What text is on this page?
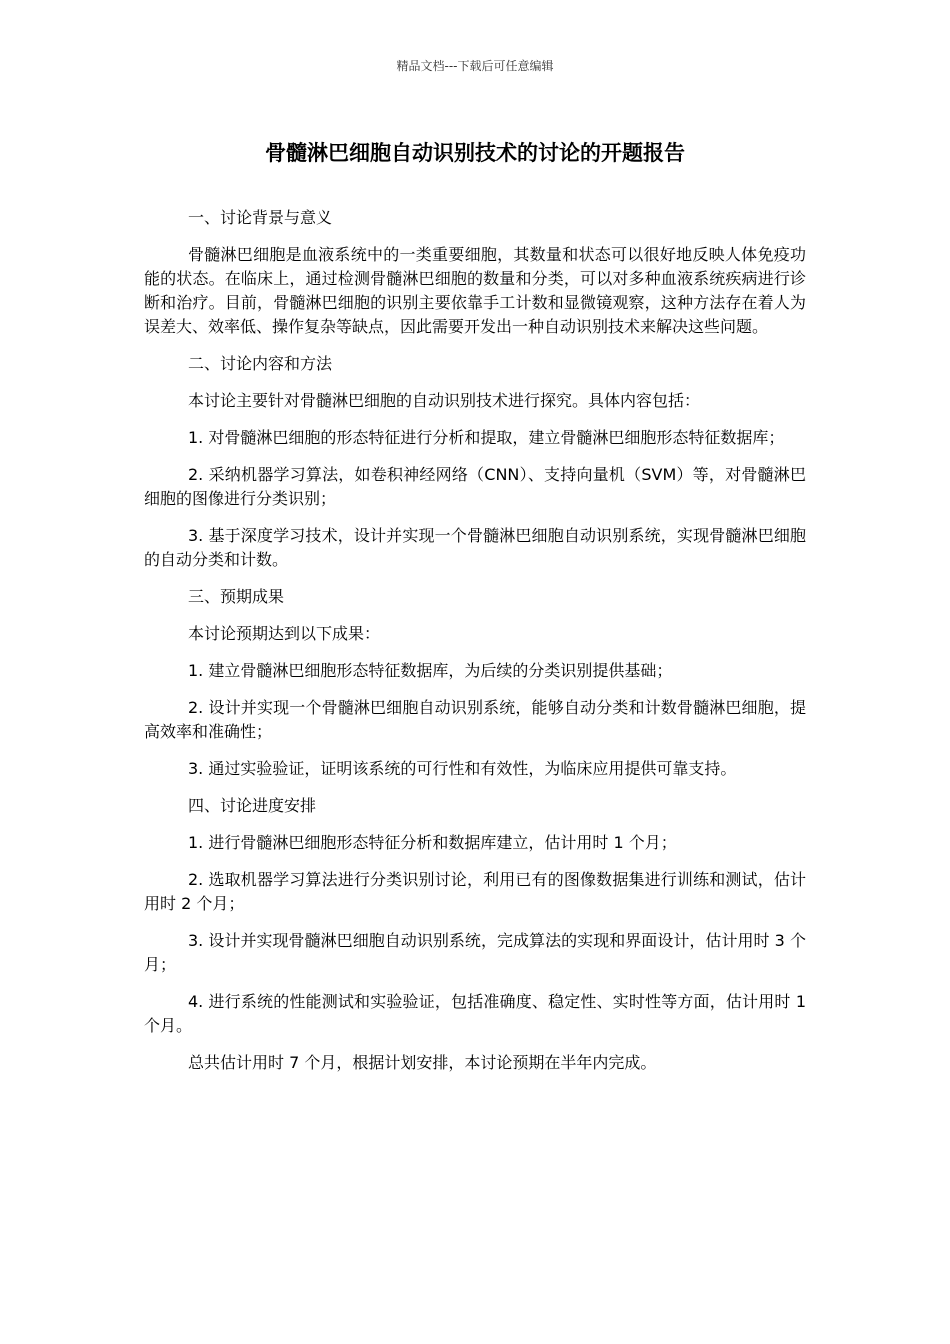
精品文档---下载后可任意编辑
骨髓淋巴细胞自动识别技术的讨论的开题报告

一、讨论背景与意义

骨髓淋巴细胞是血液系统中的一类重要细胞，其数量和状态可以很好地反映人体免疫功能的状态。在临床上，通过检测骨髓淋巴细胞的数量和分类，可以对多种血液系统疾病进行诊断和治疗。目前，骨髓淋巴细胞的识别主要依靠手工计数和显微镜观察，这种方法存在着人为误差大、效率低、操作复杂等缺点，因此需要开发出一种自动识别技术来解决这些问题。

二、讨论内容和方法

本讨论主要针对骨髓淋巴细胞的自动识别技术进行探究。具体内容包括：

1. 对骨髓淋巴细胞的形态特征进行分析和提取，建立骨髓淋巴细胞形态特征数据库；

2. 采纳机器学习算法，如卷积神经网络（CNN）、支持向量机（SVM）等，对骨髓淋巴细胞的图像进行分类识别；

3. 基于深度学习技术，设计并实现一个骨髓淋巴细胞自动识别系统，实现骨髓淋巴细胞的自动分类和计数。

三、预期成果

本讨论预期达到以下成果：

1. 建立骨髓淋巴细胞形态特征数据库，为后续的分类识别提供基础；

2. 设计并实现一个骨髓淋巴细胞自动识别系统，能够自动分类和计数骨髓淋巴细胞，提高效率和准确性；

3. 通过实验验证，证明该系统的可行性和有效性，为临床应用提供可靠支持。

四、讨论进度安排

1. 进行骨髓淋巴细胞形态特征分析和数据库建立，估计用时 1 个月；

2. 选取机器学习算法进行分类识别讨论，利用已有的图像数据集进行训练和测试，估计用时 2 个月；

3. 设计并实现骨髓淋巴细胞自动识别系统，完成算法的实现和界面设计，估计用时 3 个月；

4. 进行系统的性能测试和实验验证，包括准确度、稳定性、实时性等方面，估计用时 1 个月。

总共估计用时 7 个月，根据计划安排，本讨论预期在半年内完成。
